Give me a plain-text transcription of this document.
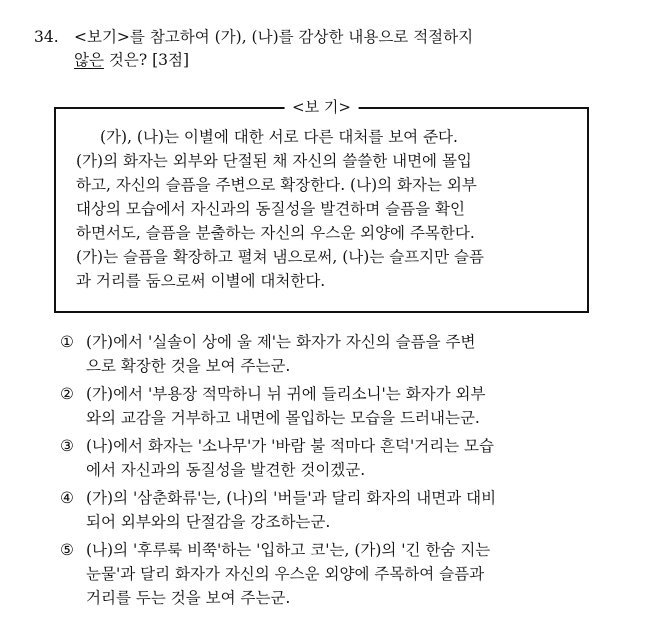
34. <보기>를 참고하여 (가), (나)를 감상한 내용으로 적절하지
않은 것은? [3점]
<보 기>
(가), (나)는 이별에 대한 서로 다른 대처를 보여 준다.
(가)의 화자는 외부와 단절된 채 자신의 쓸쓸한 내면에 몰입
하고, 자신의 슬픔을 주변으로 확장한다. (나)의 화자는 외부
대상의 모습에서 자신과의 동질성을 발견하며 슬픔을 확인
하면서도, 슬픔을 분출하는 자신의 우스운 외양에 주목한다.
(가)는 슬픔을 확장하고 펼쳐 냄으로써, (나)는 슬프지만 슬픔
과 거리를 둠으로써 이별에 대처한다.
① (가)에서 '실솔이 상에 울 제'는 화자가 자신의 슬픔을 주변
으로 확장한 것을 보여 주는군.
② (가)에서 '부용장 적막하니 뉘 귀에 들리소니'는 화자가 외부
와의 교감을 거부하고 내면에 몰입하는 모습을 드러내는군.
③ (나)에서 화자는 '소나무'가 '바람 불 적마다 흔덕'거리는 모습
에서 자신과의 동질성을 발견한 것이겠군.
④ (가)의 '삼춘화류'는, (나)의 '버들'과 달리 화자의 내면과 대비
되어 외부와의 단절감을 강조하는군.
⑤ (나)의 '후루룩 비쭉'하는 '입하고 코'는, (가)의 '긴 한숨 지는
눈물'과 달리 화자가 자신의 우스운 외양에 주목하여 슬픔과
거리를 두는 것을 보여 주는군.
